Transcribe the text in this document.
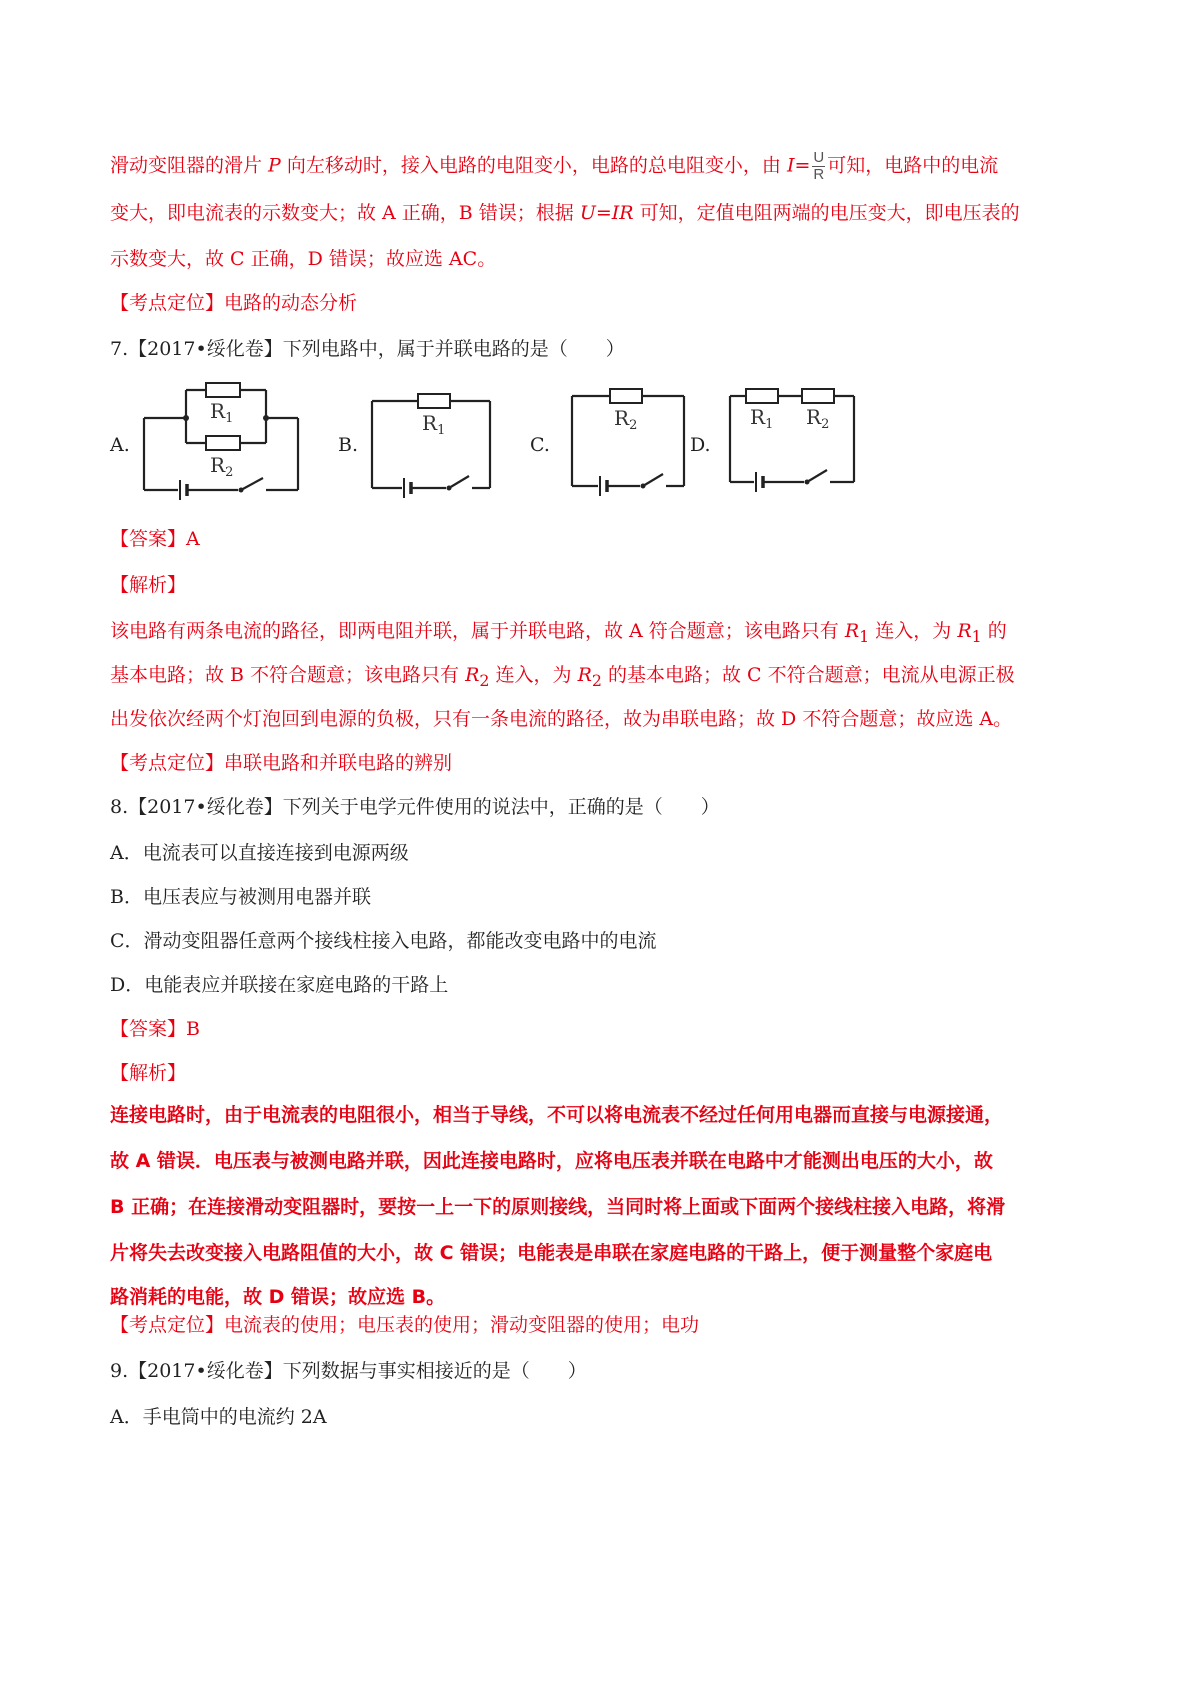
滑动变阻器的滑片 P 向左移动时，接入电路的电阻变小，电路的总电阻变小，由 $I= \frac{U}{R}$ 可知，电路中的电流
变大，即电流表的示数变大；故 A 正确，B 错误；根据 U=IR 可知，定值电阻两端的电压变大，即电压表的
示数变大，故 C 正确，D 错误；故应选 AC。
【考点定位】电路的动态分析
7.【2017•绥化卷】下列电路中，属于并联电路的是（　　）
A.	B.	C.	D.
$R_1$
$R_2$
$R_1$
$R_2$	$R_1$ $R_2$
【答案】A
【解析】
该电路有两条电流的路径，即两电阻并联，属于并联电路，故 A 符合题意；该电路只有 $R_1$ 连入，为 $R_1$ 的
基本电路；故 B 不符合题意；该电路只有 $R_2$ 连入，为 $R_2$ 的基本电路；故 C 不符合题意；电流从电源正极
出发依次经两个灯泡回到电源的负极，只有一条电流的路径，故为串联电路；故 D 不符合题意；故应选 A。
【考点定位】串联电路和并联电路的辨别
8.【2017•绥化卷】下列关于电学元件使用的说法中，正确的是（　　）
A．电流表可以直接连接到电源两级
B．电压表应与被测用电器并联
C．滑动变阻器任意两个接线柱接入电路，都能改变电路中的电流
D．电能表应并联接在家庭电路的干路上
【答案】B
【解析】
连接电路时，由于电流表的电阻很小，相当于导线，不可以将电流表不经过任何用电器而直接与电源接通，
故 A 错误．电压表与被测电路并联，因此连接电路时，应将电压表并联在电路中才能测出电压的大小，故
B 正确；在连接滑动变阻器时，要按一上一下的原则接线，当同时将上面或下面两个接线柱接入电路，将滑
片将失去改变接入电路阻值的大小，故 C 错误；电能表是串联在家庭电路的干路上，便于测量整个家庭电
路消耗的电能，故 D 错误；故应选 B。
【考点定位】电流表的使用；电压表的使用；滑动变阻器的使用；电功
9.【2017•绥化卷】下列数据与事实相接近的是（　　）
A．手电筒中的电流约 2A
